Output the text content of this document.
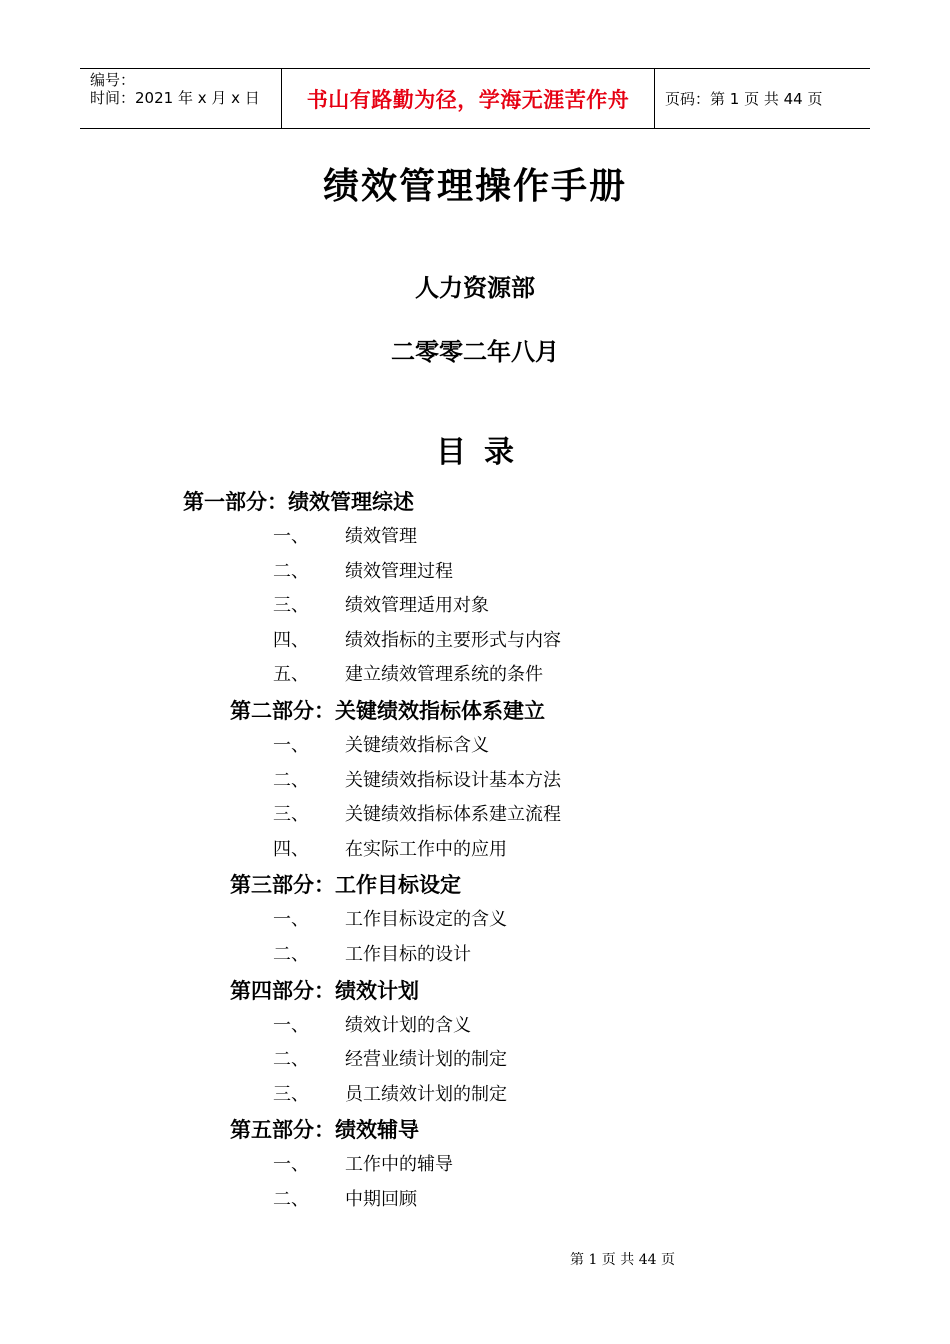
编号：
时间：2021 年 x 月 x 日	书山有路勤为径，学海无涯苦作舟	页码：第 1 页 共 44 页
绩效管理操作手册
人力资源部
二零零二年八月
目录
第一部分：绩效管理综述
一、 绩效管理
二、 绩效管理过程
三、 绩效管理适用对象
四、 绩效指标的主要形式与内容
五、 建立绩效管理系统的条件
第二部分：关键绩效指标体系建立
一、 关键绩效指标含义
二、 关键绩效指标设计基本方法
三、 关键绩效指标体系建立流程
四、 在实际工作中的应用
第三部分：工作目标设定
一、 工作目标设定的含义
二、 工作目标的设计
第四部分：绩效计划
一、 绩效计划的含义
二、 经营业绩计划的制定
三、 员工绩效计划的制定
第五部分：绩效辅导
一、 工作中的辅导
二、 中期回顾
第 1 页 共 44 页
